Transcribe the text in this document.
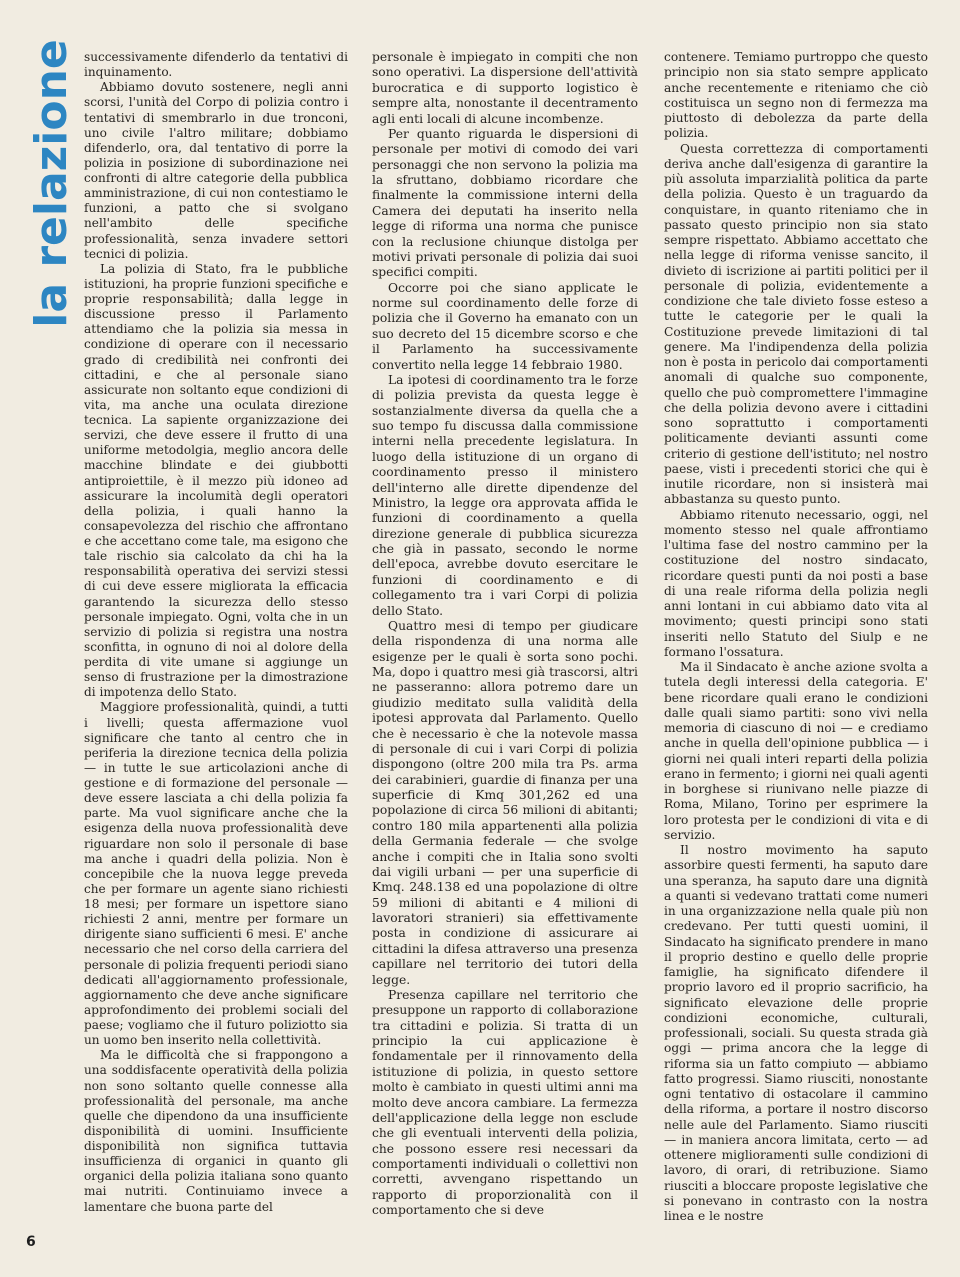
la relazione successivamente difenderlo da tentativi di inquinamento.

Abbiamo dovuto sostenere, negli anni scorsi, l'unità del Corpo di polizia contro i tentativi di smembrarlo in due tronconi, uno civile l'altro militare; dobbiamo difenderlo, ora, dal tentativo di porre la polizia in posizione di subordinazione nei confronti di altre categorie della pubblica amministrazione, di cui non contestiamo le funzioni, a patto che si svolgano nell'ambito delle specifiche professionalità, senza invadere settori tecnici di polizia.

La polizia di Stato, fra le pubbliche istituzioni, ha proprie funzioni specifiche e proprie responsabilità; dalla legge in discussione presso il Parlamento attendiamo che la polizia sia messa in condizione di operare con il necessario grado di credibilità nei confronti dei cittadini, e che al personale siano assicurate non soltanto eque condizioni di vita, ma anche una oculata direzione tecnica. La sapiente organizzazione dei servizi, che deve essere il frutto di una uniforme metodolgia, meglio ancora delle macchine blindate e dei giubbotti antiproiettile, è il mezzo più idoneo ad assicurare la incolumità degli operatori della polizia, i quali hanno la consapevolezza del rischio che affrontano e che accettano come tale, ma esigono che tale rischio sia calcolato da chi ha la responsabilità operativa dei servizi stessi di cui deve essere migliorata la efficacia garantendo la sicurezza dello stesso personale impiegato. Ogni, volta che in un servizio di polizia si registra una nostra sconfitta, in ognuno di noi al dolore della perdita di vite umane si aggiunge un senso di frustrazione per la dimostrazione di impotenza dello Stato.

Maggiore professionalità, quindi, a tutti i livelli; questa affermazione vuol significare che tanto al centro che in periferia la direzione tecnica della polizia — in tutte le sue articolazioni anche di gestione e di formazione del personale — deve essere lasciata a chi della polizia fa parte. Ma vuol significare anche che la esigenza della nuova professionalità deve riguardare non solo il personale di base ma anche i quadri della polizia. Non è concepibile che la nuova legge preveda che per formare un agente siano richiesti 18 mesi; per formare un ispettore siano richiesti 2 anni, mentre per formare un dirigente siano sufficienti 6 mesi. E' anche necessario che nel corso della carriera del personale di polizia frequenti periodi siano dedicati all'aggiornamento professionale, aggiornamento che deve anche significare approfondimento dei problemi sociali del paese; vogliamo che il futuro poliziotto sia un uomo ben inserito nella collettività.

Ma le difficoltà che si frappongono a una soddisfacente operatività della polizia non sono soltanto quelle connesse alla professionalità del personale, ma anche quelle che dipendono da una insufficiente disponibilità di uomini. Insufficiente disponibilità non significa tuttavia insufficienza di organici in quanto gli organici della polizia italiana sono quanto mai nutriti. Continuiamo invece a lamentare che buona parte del

personale è impiegato in compiti che non sono operativi. La dispersione dell'attività burocratica e di supporto logistico è sempre alta, nonostante il decentramento agli enti locali di alcune incombenze.

Per quanto riguarda le dispersioni di personale per motivi di comodo dei vari personaggi che non servono la polizia ma la sfruttano, dobbiamo ricordare che finalmente la commissione interni della Camera dei deputati ha inserito nella legge di riforma una norma che punisce con la reclusione chiunque distolga per motivi privati personale di polizia dai suoi specifici compiti.

Occorre poi che siano applicate le norme sul coordinamento delle forze di polizia che il Governo ha emanato con un suo decreto del 15 dicembre scorso e che il Parlamento ha successivamente convertito nella legge 14 febbraio 1980.

La ipotesi di coordinamento tra le forze di polizia prevista da questa legge è sostanzialmente diversa da quella che a suo tempo fu discussa dalla commissione interni nella precedente legislatura. In luogo della istituzione di un organo di coordinamento presso il ministero dell'interno alle dirette dipendenze del Ministro, la legge ora approvata affida le funzioni di coordinamento a quella direzione generale di pubblica sicurezza che già in passato, secondo le norme dell'epoca, avrebbe dovuto esercitare le funzioni di coordinamento e di collegamento tra i vari Corpi di polizia dello Stato.

Quattro mesi di tempo per giudicare della rispondenza di una norma alle esigenze per le quali è sorta sono pochi. Ma, dopo i quattro mesi già trascorsi, altri ne passeranno: allora potremo dare un giudizio meditato sulla validità della ipotesi approvata dal Parlamento. Quello che è necessario è che la notevole massa di personale di cui i vari Corpi di polizia dispongono (oltre 200 mila tra Ps. arma dei carabinieri, guardie di finanza per una superficie di Kmq 301,262 ed una popolazione di circa 56 milioni di abitanti; contro 180 mila appartenenti alla polizia della Germania federale — che svolge anche i compiti che in Italia sono svolti dai vigili urbani — per una superficie di Kmq. 248.138 ed una popolazione di oltre 59 milioni di abitanti e 4 milioni di lavoratori stranieri) sia effettivamente posta in condizione di assicurare ai cittadini la difesa attraverso una presenza capillare nel territorio dei tutori della legge.

Presenza capillare nel territorio che presuppone un rapporto di collaborazione tra cittadini e polizia. Si tratta di un principio la cui applicazione è fondamentale per il rinnovamento della istituzione di polizia, in questo settore molto è cambiato in questi ultimi anni ma molto deve ancora cambiare. La fermezza dell'applicazione della legge non esclude che gli eventuali interventi della polizia, che possono essere resi necessari da comportamenti individuali o collettivi non corretti, avvengano rispettando un rapporto di proporzionalità con il comportamento che si deve

contenere. Temiamo purtroppo che questo principio non sia stato sempre applicato anche recentemente e riteniamo che ciò costituisca un segno non di fermezza ma piuttosto di debolezza da parte della polizia.

Questa correttezza di comportamenti deriva anche dall'esigenza di garantire la più assoluta imparzialità politica da parte della polizia. Questo è un traguardo da conquistare, in quanto riteniamo che in passato questo principio non sia stato sempre rispettato. Abbiamo accettato che nella legge di riforma venisse sancito, il divieto di iscrizione ai partiti politici per il personale di polizia, evidentemente a condizione che tale divieto fosse esteso a tutte le categorie per le quali la Costituzione prevede limitazioni di tal genere. Ma l'indipendenza della polizia non è posta in pericolo dai comportamenti anomali di qualche suo componente, quello che può compromettere l'immagine che della polizia devono avere i cittadini sono soprattutto i comportamenti politicamente devianti assunti come criterio di gestione dell'istituto; nel nostro paese, visti i precedenti storici che qui è inutile ricordare, non si insisterà mai abbastanza su questo punto.

Abbiamo ritenuto necessario, oggi, nel momento stesso nel quale affrontiamo l'ultima fase del nostro cammino per la costituzione del nostro sindacato, ricordare questi punti da noi posti a base di una reale riforma della polizia negli anni lontani in cui abbiamo dato vita al movimento; questi principi sono stati inseriti nello Statuto del Siulp e ne formano l'ossatura.

Ma il Sindacato è anche azione svolta a tutela degli interessi della categoria. E' bene ricordare quali erano le condizioni dalle quali siamo partiti: sono vivi nella memoria di ciascuno di noi — e crediamo anche in quella dell'opinione pubblica — i giorni nei quali interi reparti della polizia erano in fermento; i giorni nei quali agenti in borghese si riunivano nelle piazze di Roma, Milano, Torino per esprimere la loro protesta per le condizioni di vita e di servizio.

Il nostro movimento ha saputo assorbire questi fermenti, ha saputo dare una speranza, ha saputo dare una dignità a quanti si vedevano trattati come numeri in una organizzazione nella quale più non credevano. Per tutti questi uomini, il Sindacato ha significato prendere in mano il proprio destino e quello delle proprie famiglie, ha significato difendere il proprio lavoro ed il proprio sacrificio, ha significato elevazione delle proprie condizioni economiche, culturali, professionali, sociali. Su questa strada già oggi — prima ancora che la legge di riforma sia un fatto compiuto — abbiamo fatto progressi. Siamo riusciti, nonostante ogni tentativo di ostacolare il cammino della riforma, a portare il nostro discorso nelle aule del Parlamento. Siamo riusciti — in maniera ancora limitata, certo — ad ottenere miglioramenti sulle condizioni di lavoro, di orari, di retribuzione. Siamo riusciti a bloccare proposte legislative che si ponevano in contrasto con la nostra linea e le nostre

6
